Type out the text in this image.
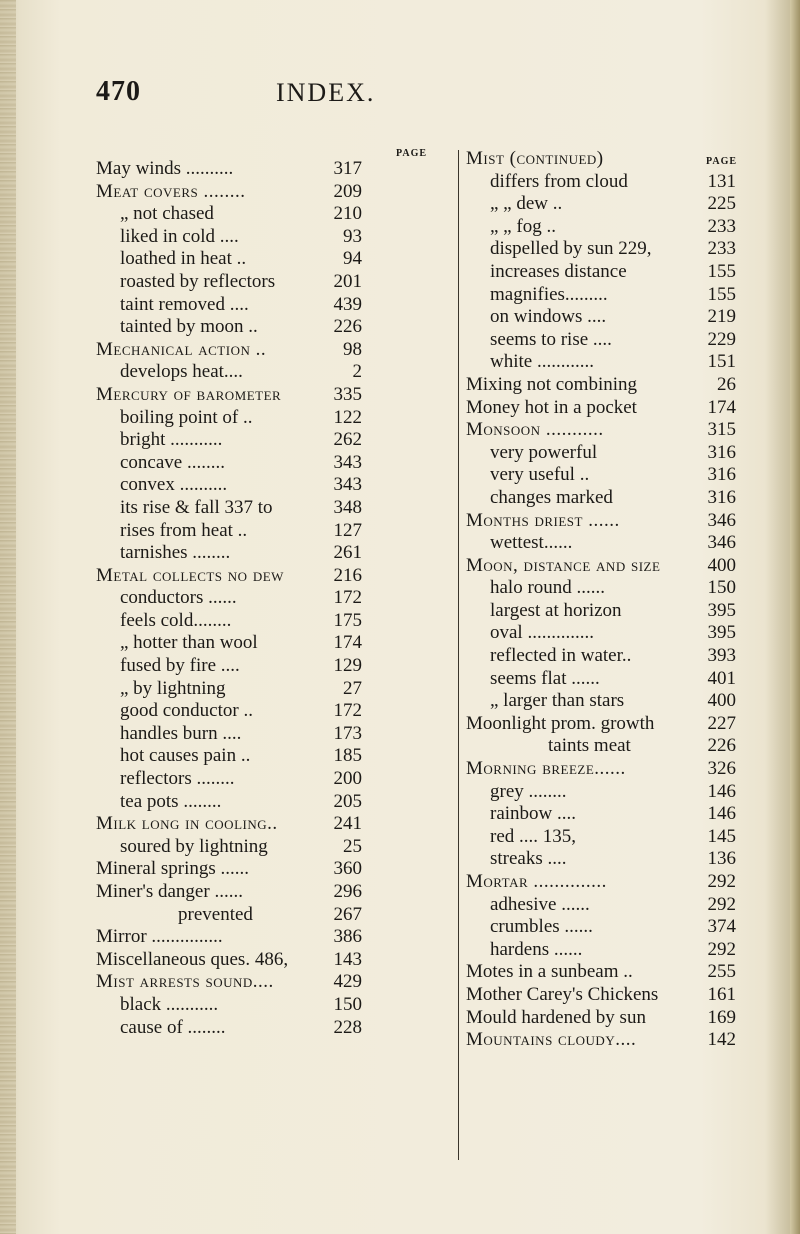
470	INDEX.
PAGE
May winds ..........	317
Meat covers ........	209
„ not chased	210
liked in cold ....	93
loathed in heat ..	94
roasted by reflectors	201
taint removed ....	439
tainted by moon ..	226
Mechanical action ..	98
develops heat....	2
Mercury of barometer	335
boiling point of ..	122
bright ...........	262
concave ........	343
convex ..........	343
its rise & fall 337 to	348
rises from heat ..	127
tarnishes ........	261
Metal collects no dew	216
conductors ......	172
feels cold........	175
„ hotter than wool	174
fused by fire ....	129
„ by lightning	27
good conductor ..	172
handles burn ....	173
hot causes pain ..	185
reflectors ........	200
tea pots ........	205
Milk long in cooling..	241
soured by lightning	25
Mineral springs ......	360
Miner's danger ......	296
prevented	267
Mirror ...............	386
Miscellaneous ques. 486, 143
Mist arrests sound....	429
black ...........	150
cause of ........	228
PAGE
Mist (continued)
differs from cloud	131
„ „ dew ..	225
„ „ fog ..	233
dispelled by sun 229,	233
increases distance	155
magnifies.........	155
on windows ....	219
seems to rise ....	229
white ............	151
Mixing not combining	26
Money hot in a pocket	174
Monsoon ...........	315
very powerful	316
very useful ..	316
changes marked	316
Months driest ......	346
wettest......	346
Moon, distance and size 400
halo round ......	150
largest at horizon	395
oval ..............	395
reflected in water..	393
seems flat ......	401
„ larger than stars	400
Moonlight prom. growth	227
taints meat	226
Morning breeze......	326
grey ........	146
rainbow ....	146
red .... 135,	145
streaks ....	136
Mortar ..............	292
adhesive ......	292
crumbles ......	374
hardens ......	292
Motes in a sunbeam ..	255
Mother Carey's Chickens	161
Mould hardened by sun	169
Mountains cloudy....	142
